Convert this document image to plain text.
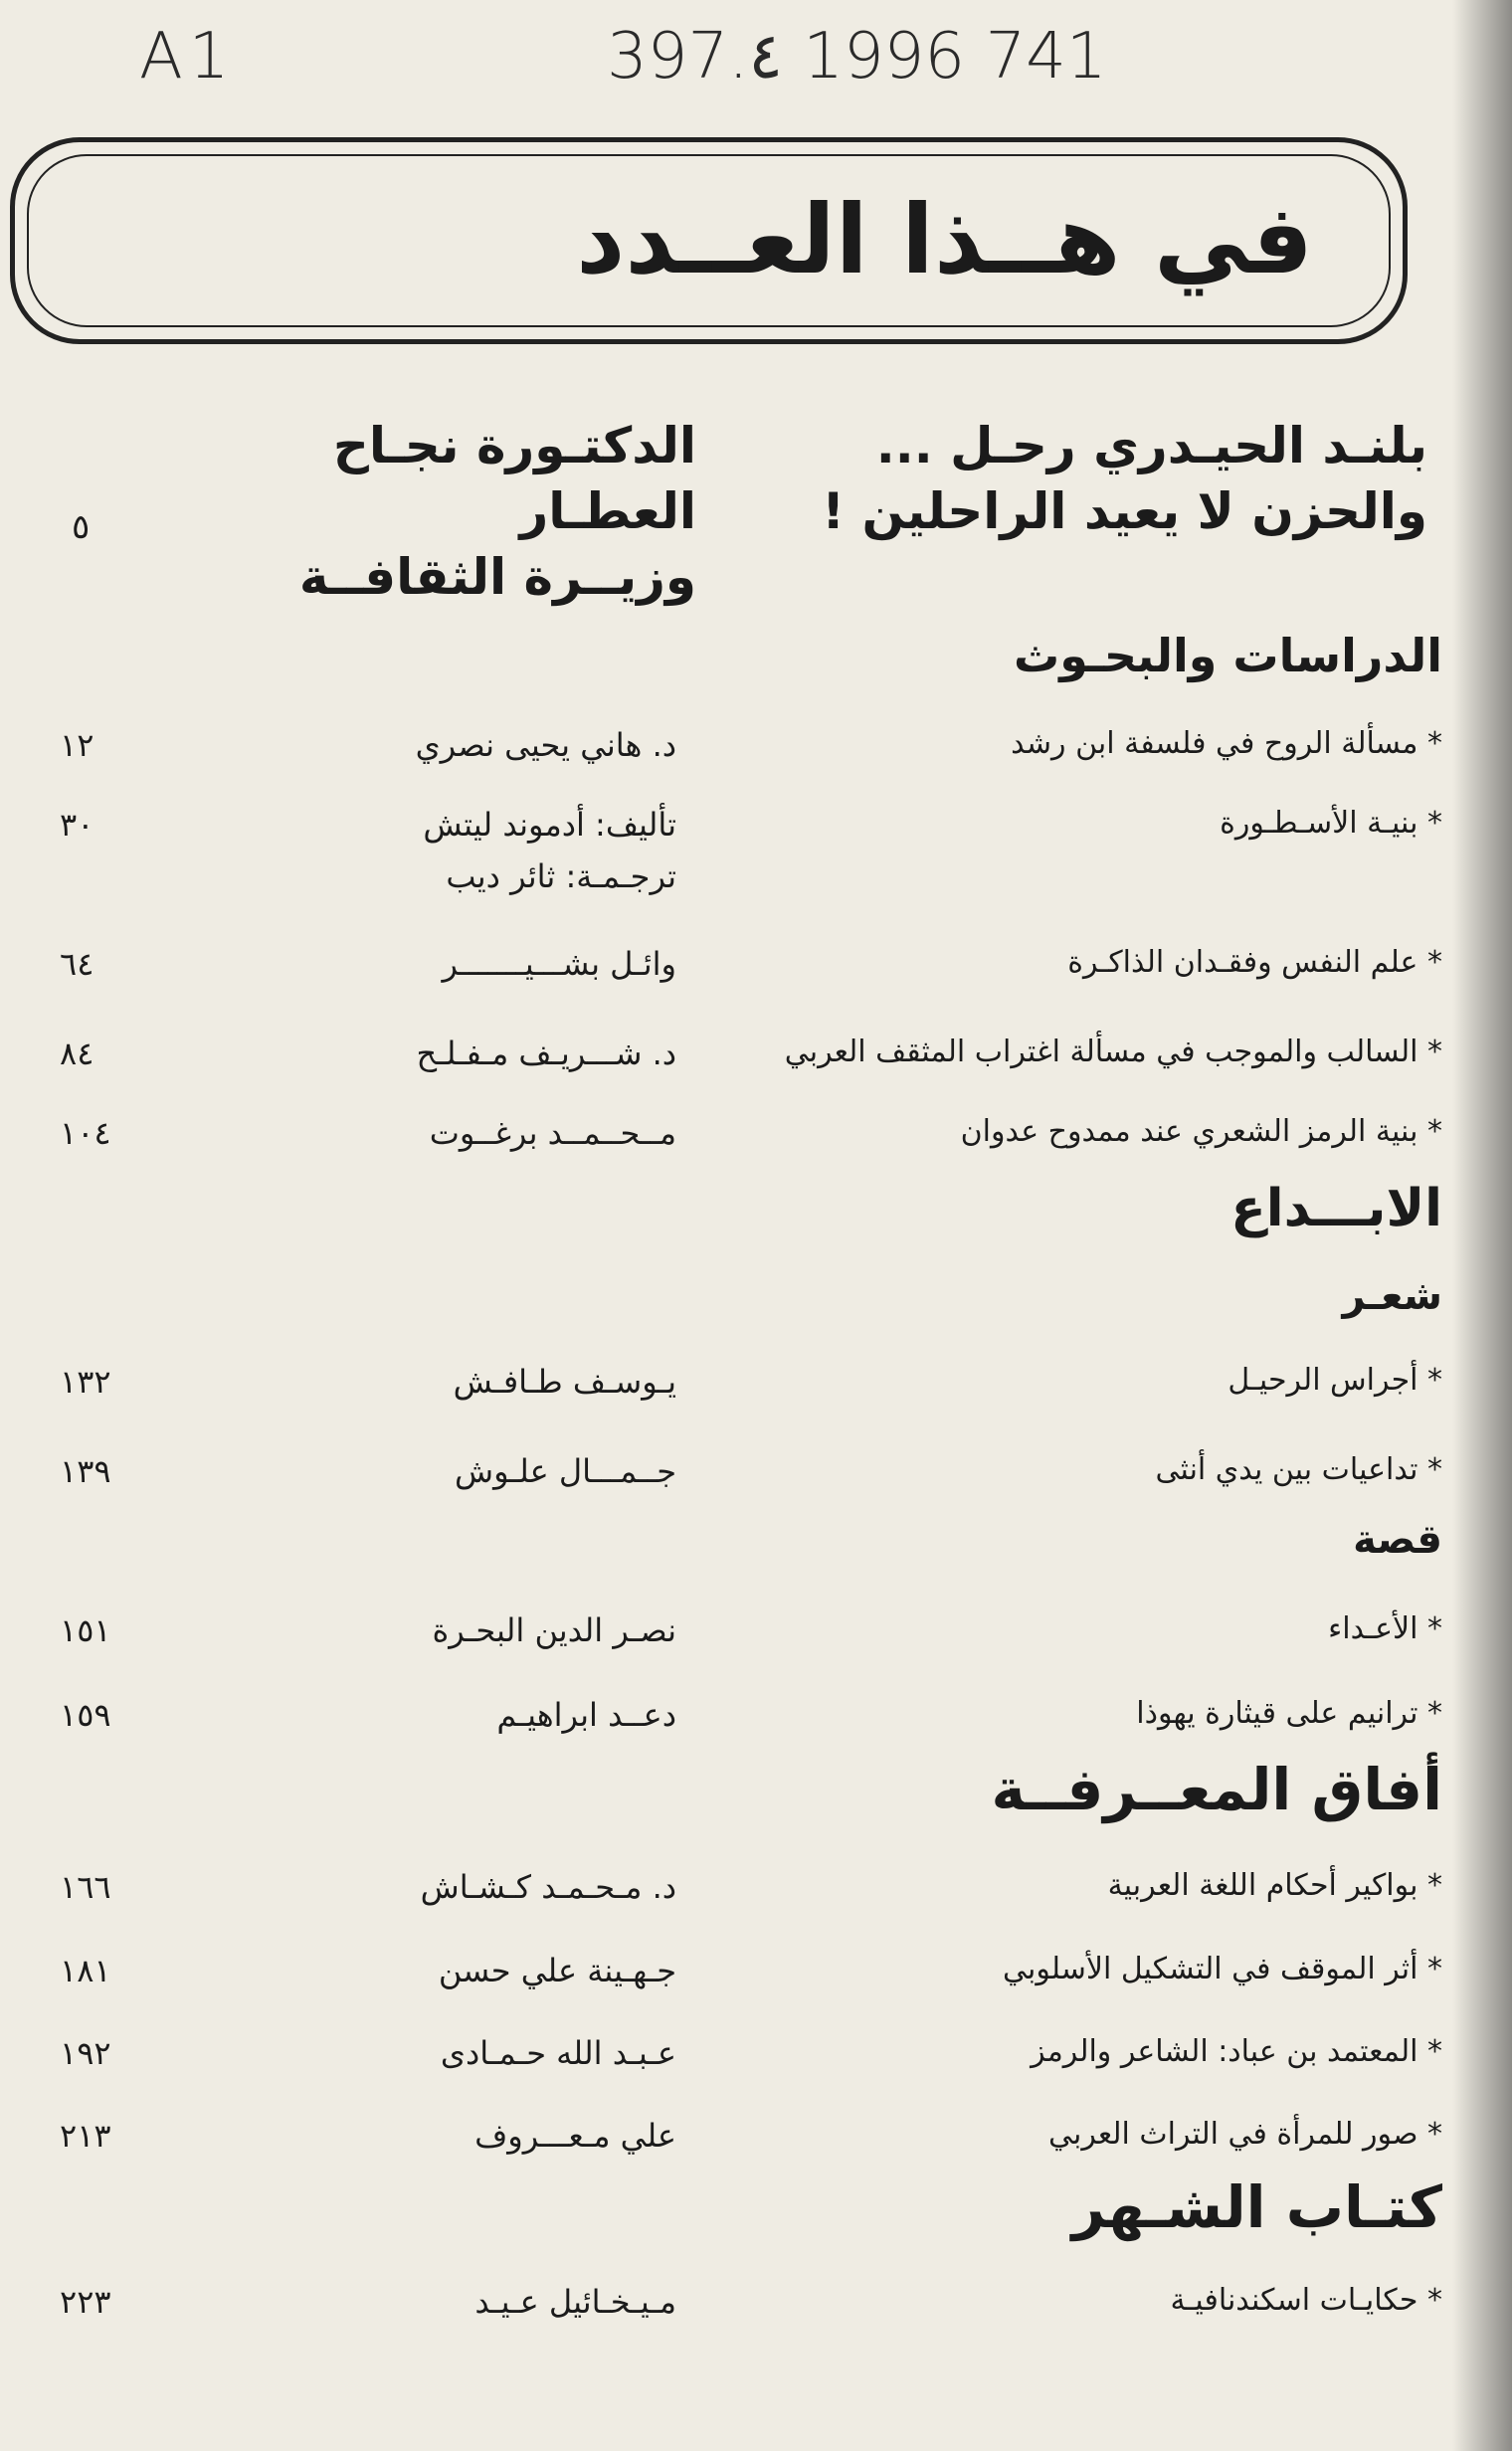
A1	397.٤ 1996 741
في هــذا العــدد
بلنـد الحيـدري رحـل ...
والحزن لا يعيد الراحلين !
الدكتـورة نجـاح العطـار
وزيــرة الثقافــة
٥
الدراسات والبحـوث
الابـــداع
شعـر
قصة
أفاق المعــرفــة
كتـاب الشـهر
* مسألة الروح في فلسفة ابن رشد
د. هاني يحيى نصري
١٢
* بنيـة الأسـطـورة
تأليف: أدموند ليتش
ترجـمـة: ثائر ديب
٣٠
* علم النفس وفقـدان الذاكـرة
وائـل بشـــيـــــــر
٦٤
* السالب والموجب في مسألة اغتراب المثقف العربي
د. شـــريـف مـفـلـح
٨٤
* بنية الرمز الشعري عند ممدوح عدوان
مــحــمــد برغــوت
١٠٤
* أجراس الرحيـل
يـوسـف طـافـش
١٣٢
* تداعيات بين يدي أنثى
جــمـــال علـوش
١٣٩
* الأعـداء
نصـر الدين البحـرة
١٥١
* ترانيم على قيثارة يهوذا
دعــد ابراهيـم
١٥٩
* بواكير أحكام اللغة العربية
د. مـحـمـد كـشـاش
١٦٦
* أثر الموقف في التشكيل الأسلوبي
جـهـينة علي حسن
١٨١
* المعتمد بن عباد: الشاعر والرمز
عـبـد الله حـمـادى
١٩٢
* صور للمرأة في التراث العربي
علي مـعـــروف
٢١٣
* حكايـات اسكندنافيـة
مـيـخـائيل عـيـد
٢٢٣
